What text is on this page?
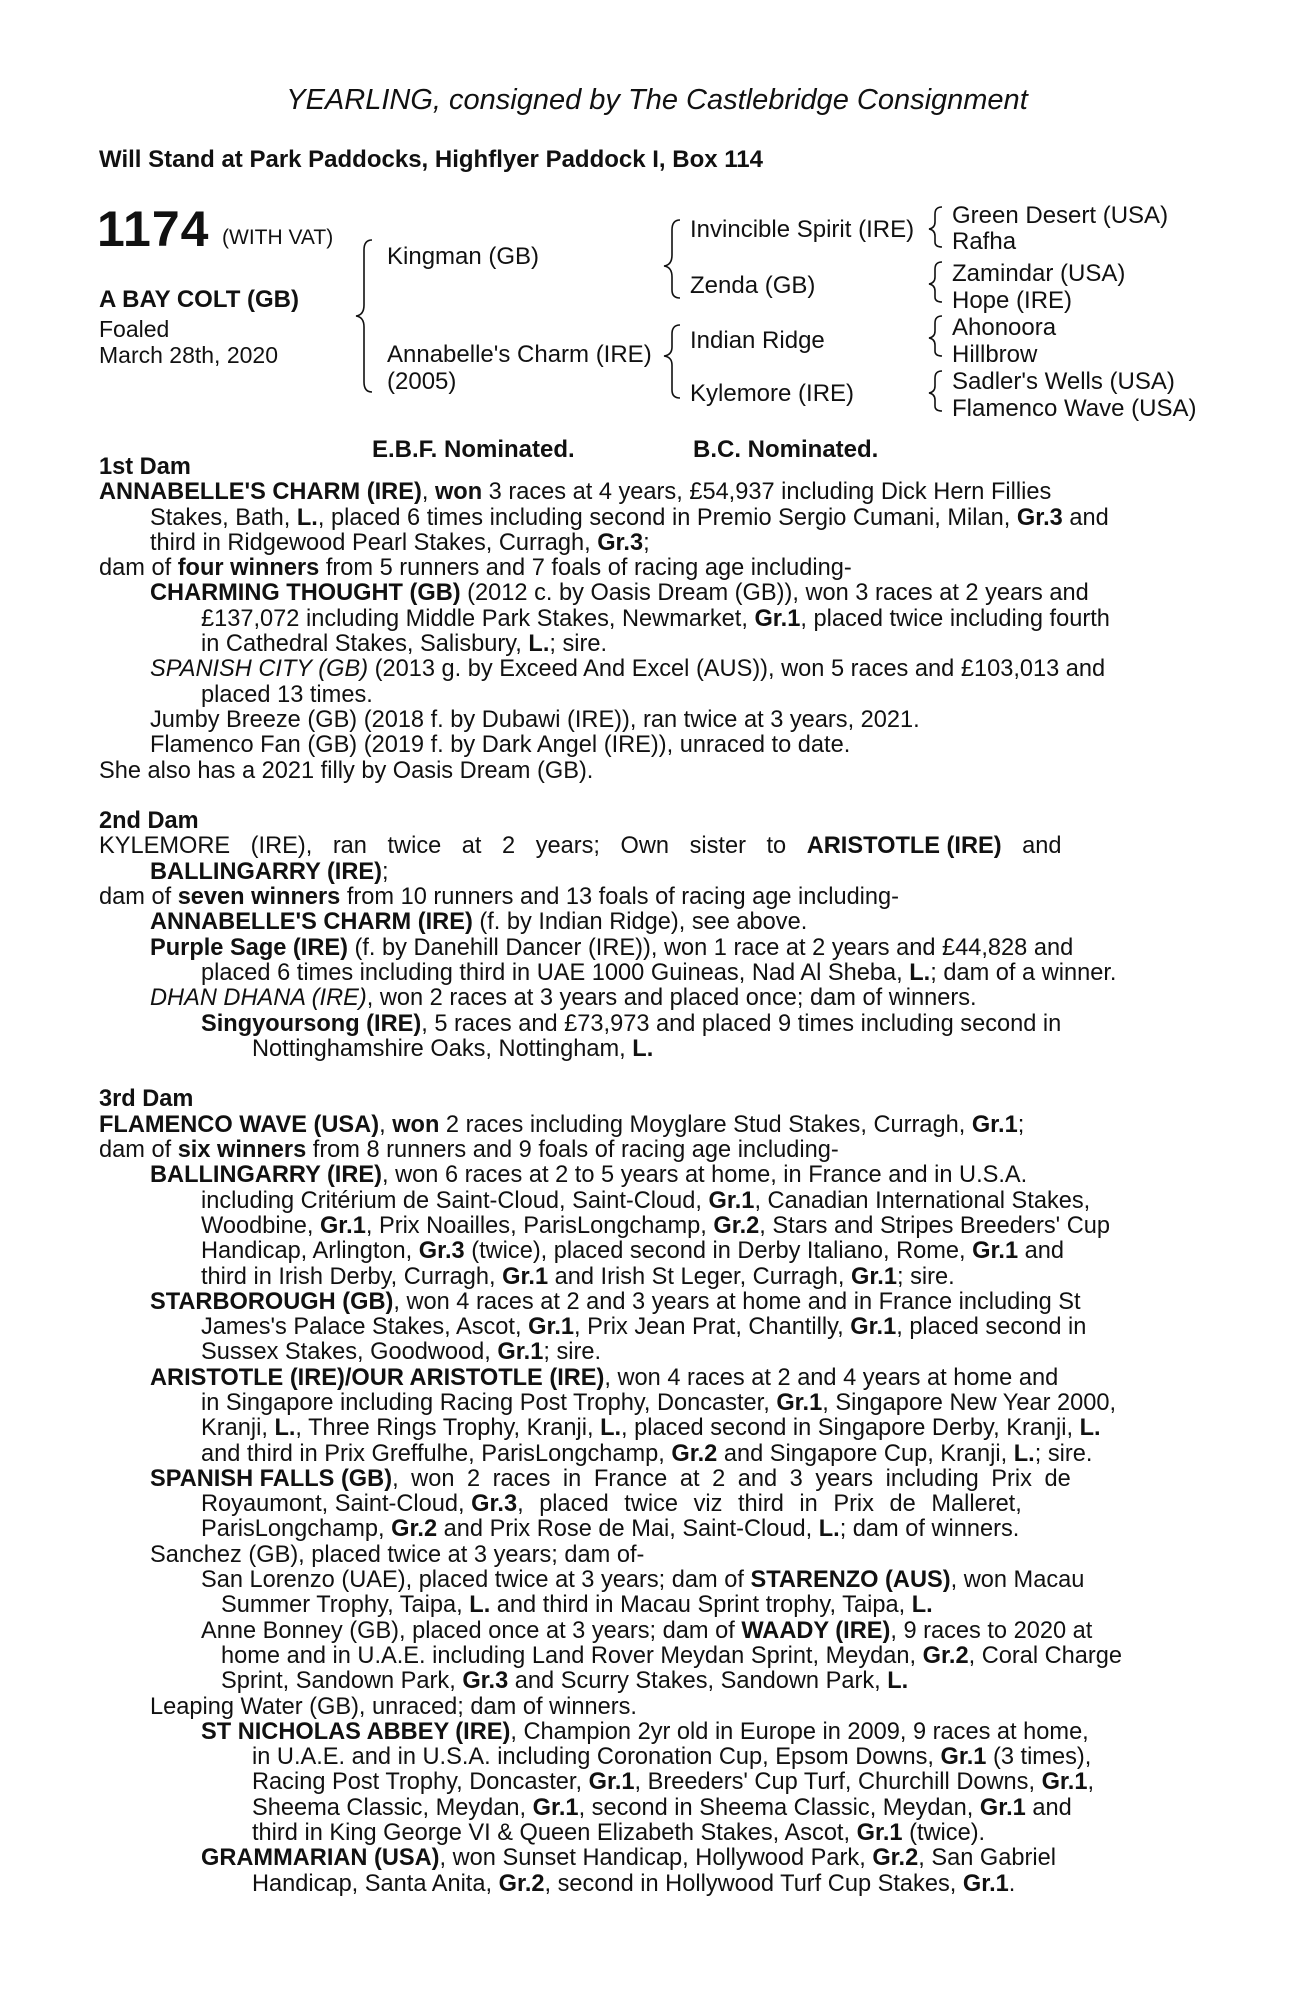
YEARLING, consigned by The Castlebridge Consignment
Will Stand at Park Paddocks, Highflyer Paddock I, Box 114
1174 (WITH VAT)
A BAY COLT (GB)
Foaled
March 28th, 2020
Kingman (GB)
Annabelle's Charm (IRE)
(2005)
Invincible Spirit (IRE)
Zenda (GB)
Indian Ridge
Kylemore (IRE)
Green Desert (USA)
Rafha
Zamindar (USA)
Hope (IRE)
Ahonoora
Hillbrow
Sadler's Wells (USA)
Flamenco Wave (USA)
E.B.F. Nominated.	B.C. Nominated.
1st Dam
ANNABELLE'S CHARM (IRE), won 3 races at 4 years, £54,937 including Dick Hern Fillies
Stakes, Bath, L., placed 6 times including second in Premio Sergio Cumani, Milan, Gr.3 and
third in Ridgewood Pearl Stakes, Curragh, Gr.3;
dam of four winners from 5 runners and 7 foals of racing age including-
CHARMING THOUGHT (GB) (2012 c. by Oasis Dream (GB)), won 3 races at 2 years and
£137,072 including Middle Park Stakes, Newmarket, Gr.1, placed twice including fourth
in Cathedral Stakes, Salisbury, L.; sire.
SPANISH CITY (GB) (2013 g. by Exceed And Excel (AUS)), won 5 races and £103,013 and
placed 13 times.
Jumby Breeze (GB) (2018 f. by Dubawi (IRE)), ran twice at 3 years, 2021.
Flamenco Fan (GB) (2019 f. by Dark Angel (IRE)), unraced to date.
She also has a 2021 filly by Oasis Dream (GB).
2nd Dam
KYLEMORE (IRE), ran twice at 2 years; Own sister to ARISTOTLE (IRE) and
BALLINGARRY (IRE);
dam of seven winners from 10 runners and 13 foals of racing age including-
ANNABELLE'S CHARM (IRE) (f. by Indian Ridge), see above.
Purple Sage (IRE) (f. by Danehill Dancer (IRE)), won 1 race at 2 years and £44,828 and
placed 6 times including third in UAE 1000 Guineas, Nad Al Sheba, L.; dam of a winner.
DHAN DHANA (IRE), won 2 races at 3 years and placed once; dam of winners.
Singyoursong (IRE), 5 races and £73,973 and placed 9 times including second in
Nottinghamshire Oaks, Nottingham, L.
3rd Dam
FLAMENCO WAVE (USA), won 2 races including Moyglare Stud Stakes, Curragh, Gr.1;
dam of six winners from 8 runners and 9 foals of racing age including-
BALLINGARRY (IRE), won 6 races at 2 to 5 years at home, in France and in U.S.A.
including Critérium de Saint-Cloud, Saint-Cloud, Gr.1, Canadian International Stakes,
Woodbine, Gr.1, Prix Noailles, ParisLongchamp, Gr.2, Stars and Stripes Breeders' Cup
Handicap, Arlington, Gr.3 (twice), placed second in Derby Italiano, Rome, Gr.1 and
third in Irish Derby, Curragh, Gr.1 and Irish St Leger, Curragh, Gr.1; sire.
STARBOROUGH (GB), won 4 races at 2 and 3 years at home and in France including St
James's Palace Stakes, Ascot, Gr.1, Prix Jean Prat, Chantilly, Gr.1, placed second in
Sussex Stakes, Goodwood, Gr.1; sire.
ARISTOTLE (IRE)/OUR ARISTOTLE (IRE), won 4 races at 2 and 4 years at home and
in Singapore including Racing Post Trophy, Doncaster, Gr.1, Singapore New Year 2000,
Kranji, L., Three Rings Trophy, Kranji, L., placed second in Singapore Derby, Kranji, L.
and third in Prix Greffulhe, ParisLongchamp, Gr.2 and Singapore Cup, Kranji, L.; sire.
SPANISH FALLS (GB), won 2 races in France at 2 and 3 years including Prix de
Royaumont, Saint-Cloud, Gr.3, placed twice viz third in Prix de Malleret,
ParisLongchamp, Gr.2 and Prix Rose de Mai, Saint-Cloud, L.; dam of winners.
Sanchez (GB), placed twice at 3 years; dam of-
San Lorenzo (UAE), placed twice at 3 years; dam of STARENZO (AUS), won Macau
Summer Trophy, Taipa, L. and third in Macau Sprint trophy, Taipa, L.
Anne Bonney (GB), placed once at 3 years; dam of WAADY (IRE), 9 races to 2020 at
home and in U.A.E. including Land Rover Meydan Sprint, Meydan, Gr.2, Coral Charge
Sprint, Sandown Park, Gr.3 and Scurry Stakes, Sandown Park, L.
Leaping Water (GB), unraced; dam of winners.
ST NICHOLAS ABBEY (IRE), Champion 2yr old in Europe in 2009, 9 races at home,
in U.A.E. and in U.S.A. including Coronation Cup, Epsom Downs, Gr.1 (3 times),
Racing Post Trophy, Doncaster, Gr.1, Breeders' Cup Turf, Churchill Downs, Gr.1,
Sheema Classic, Meydan, Gr.1, second in Sheema Classic, Meydan, Gr.1 and
third in King George VI & Queen Elizabeth Stakes, Ascot, Gr.1 (twice).
GRAMMARIAN (USA), won Sunset Handicap, Hollywood Park, Gr.2, San Gabriel
Handicap, Santa Anita, Gr.2, second in Hollywood Turf Cup Stakes, Gr.1.
